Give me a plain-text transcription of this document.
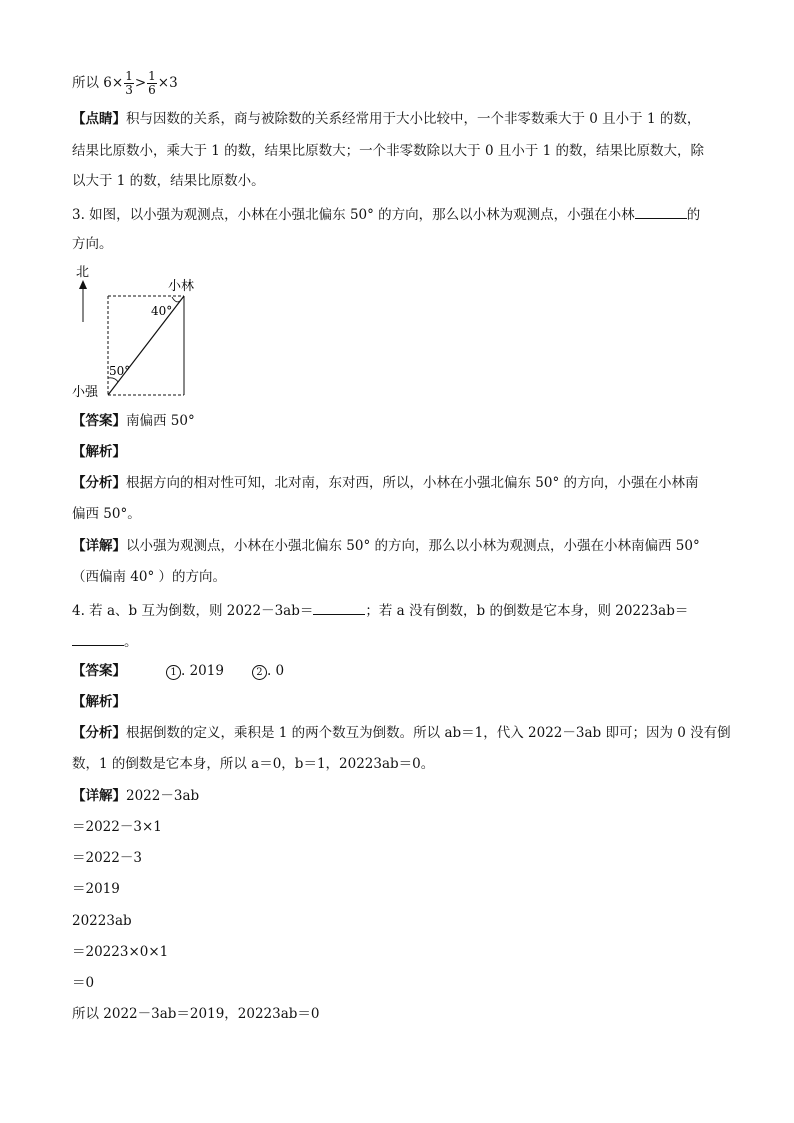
所以 $6\times \frac{1}{3} > \frac{1}{6} \times 3$
【点睛】积与因数的关系，商与被除数的关系经常用于大小比较中，一个非零数乘大于 0 且小于 1 的数，
结果比原数小，乘大于 1 的数，结果比原数大；一个非零数除以大于 0 且小于 1 的数，结果比原数大，除
以大于 1 的数，结果比原数小。
3. 如图，以小强为观测点，小林在小强北偏东 50° 的方向，那么以小林为观测点，小强在小林	的
方向。
北
小林
40°
50°
小强
【答案】南偏西 50°
【解析】
【分析】根据方向的相对性可知，北对南，东对西，所以，小林在小强北偏东 50° 的方向，小强在小林南
偏西 50°。
【详解】以小强为观测点，小林在小强北偏东 50° 的方向，那么以小林为观测点，小强在小林南偏西 50°
（西偏南 40° ）的方向。
4. 若 a、b 互为倒数，则 2022－3ab＝	；若 a 没有倒数，b 的倒数是它本身，则 20223ab＝
。
【答案】	1 . 2019	2 . 0
【解析】
【分析】根据倒数的定义，乘积是 1 的两个数互为倒数。所以 ab＝1，代入 2022－3ab 即可；因为 0 没有倒
数，1 的倒数是它本身，所以 a＝0，b＝1，20223ab＝0。
【详解】2022－3ab
＝2022－3×1
＝2022－3
＝2019
20223ab
＝20223×0×1
＝0
所以 2022－3ab＝2019，20223ab＝0
